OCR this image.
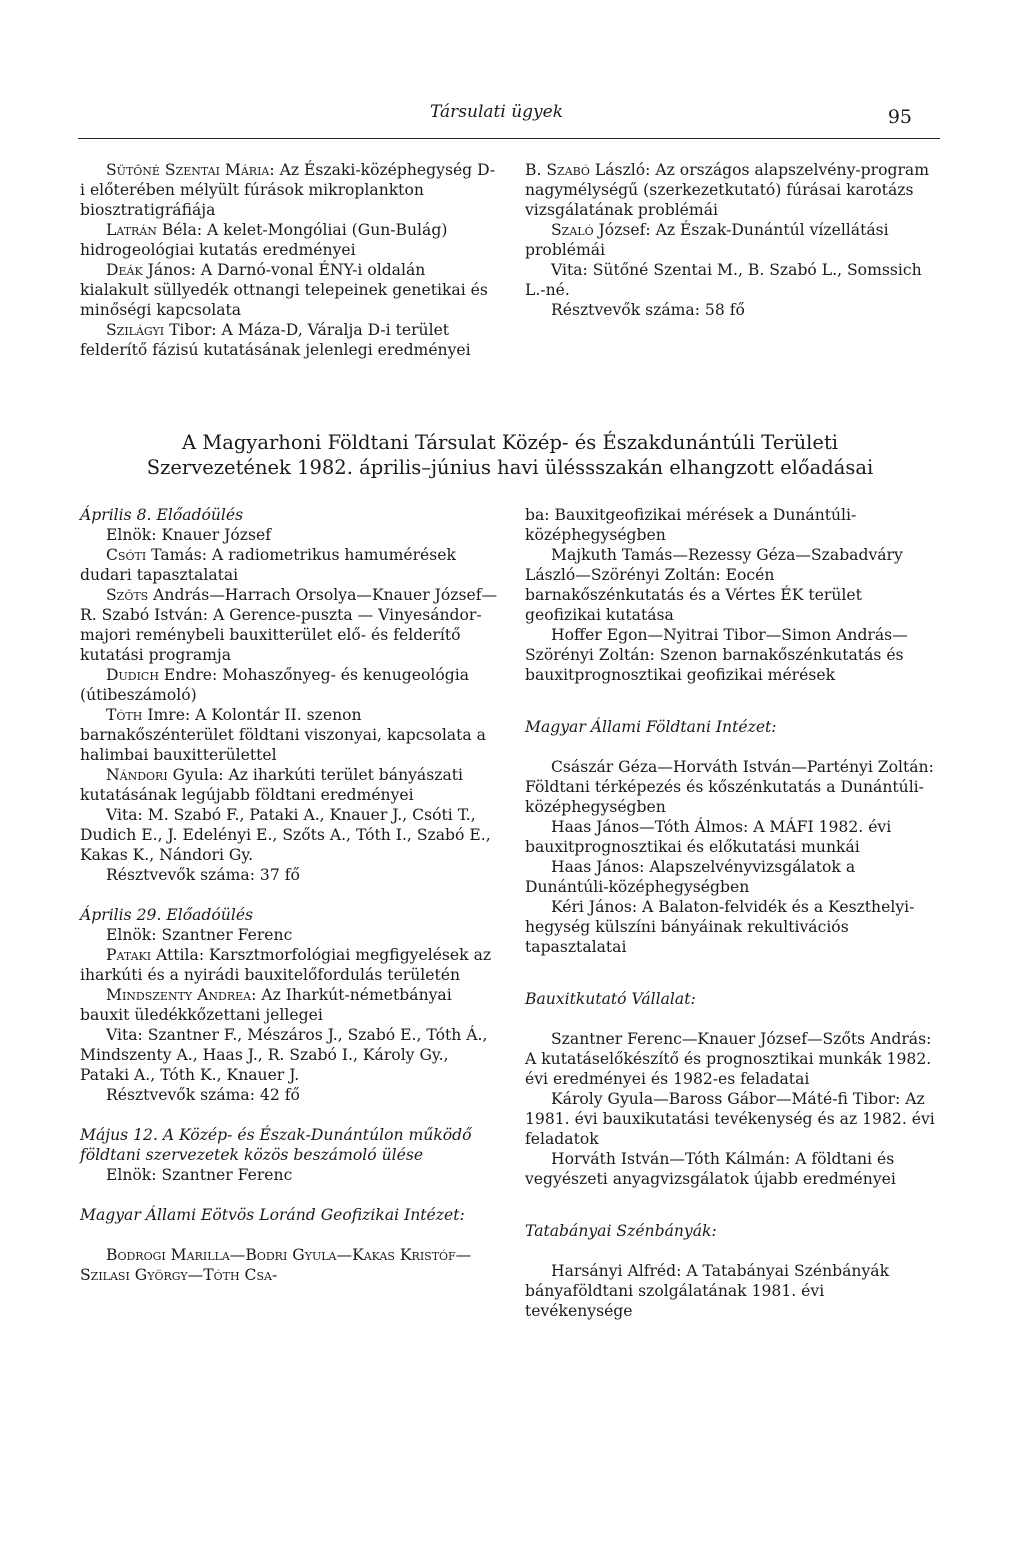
Társulati ügyek	95

Sütőné Szentai Mária: Az Északi-középhegység D-i előterében mélyült fúrások mikroplankton biosztratigráfiája

Latrán Béla: A kelet-Mongóliai (Gun-Bulág) hidrogeológiai kutatás eredményei

Deák János: A Darnó-vonal ÉNY-i oldalán kialakult süllyedék ottnangi telepeinek genetikai és minőségi kapcsolata

Szilágyi Tibor: A Máza-D, Váralja D-i terület felderítő fázisú kutatásának jelenlegi eredményei

B. Szabó László: Az országos alapszelvény-program nagymélységű (szerkezetkutató) fúrásai karotázs vizsgálatának problémái

Szaló József: Az Észak-Dunántúl vízellátási problémái

Vita: Sütőné Szentai M., B. Szabó L., Somssich L.-né.

Résztvevők száma: 58 fő

A Magyarhoni Földtani Társulat Közép- és Északdunántúli Területi
Szervezetének 1982. április–június havi üléssszakán elhangzott előadásai

Április 8. Előadóülés

Elnök: Knauer József

Csóti Tamás: A radiometrikus hamumérések dudari tapasztalatai

Szőts András—Harrach Orsolya—Knauer József—R. Szabó István: A Gerence-puszta — Vinyesándor-majori reménybeli bauxitterület elő- és felderítő kutatási programja

Dudich Endre: Mohaszőnyeg- és kenugeológia (útibeszámoló)

Tóth Imre: A Kolontár II. szenon barnakőszénterület földtani viszonyai, kapcsolata a halimbai bauxitterülettel

Nándori Gyula: Az iharkúti terület bányászati kutatásának legújabb földtani eredményei

Vita: M. Szabó F., Pataki A., Knauer J., Csóti T., Dudich E., J. Edelényi E., Szőts A., Tóth I., Szabó E., Kakas K., Nándori Gy.

Résztvevők száma: 37 fő

Április 29. Előadóülés

Elnök: Szantner Ferenc

Pataki Attila: Karsztmorfológiai megfigyelések az iharkúti és a nyirádi bauxitelőfordulás területén

Mindszenty Andrea: Az Iharkút-németbányai bauxit üledékkőzettani jellegei

Vita: Szantner F., Mészáros J., Szabó E., Tóth Á., Mindszenty A., Haas J., R. Szabó I., Károly Gy., Pataki A., Tóth K., Knauer J.

Résztvevők száma: 42 fő

Május 12. A Közép- és Észak-Dunántúlon működő földtani szervezetek közös beszámoló ülése

Elnök: Szantner Ferenc

Magyar Állami Eötvös Loránd Geofizikai Intézet:

Bodrogi Marilla—Bodri Gyula—Kakas Kristóf—Szilasi György—Tóth Csa-

ba: Bauxitgeofizikai mérések a Dunántúli-középhegységben

Majkuth Tamás—Rezessy Géza—Szabadváry László—Szörényi Zoltán: Eocén barnakőszénkutatás és a Vértes ÉK terület geofizikai kutatása

Hoffer Egon—Nyitrai Tibor—Simon András—Szörényi Zoltán: Szenon barnakőszénkutatás és bauxitprognosztikai geofizikai mérések

Magyar Állami Földtani Intézet:

Császár Géza—Horváth István—Partényi Zoltán: Földtani térképezés és kőszénkutatás a Dunántúli-középhegységben

Haas János—Tóth Álmos: A MÁFI 1982. évi bauxitprognosztikai és előkutatási munkái

Haas János: Alapszelvényvizsgálatok a Dunántúli-középhegységben

Kéri János: A Balaton-felvidék és a Keszthelyi-hegység külszíni bányáinak rekultivációs tapasztalatai

Bauxitkutató Vállalat:

Szantner Ferenc—Knauer József—Szőts András: A kutatáselőkészítő és prognosztikai munkák 1982. évi eredményei és 1982-es feladatai

Károly Gyula—Baross Gábor—Máté-fi Tibor: Az 1981. évi bauxikutatási tevékenység és az 1982. évi feladatok

Horváth István—Tóth Kálmán: A földtani és vegyészeti anyagvizsgálatok újabb eredményei

Tatabányai Szénbányák:

Harsányi Alfréd: A Tatabányai Szénbányák bányaföldtani szolgálatának 1981. évi tevékenysége
